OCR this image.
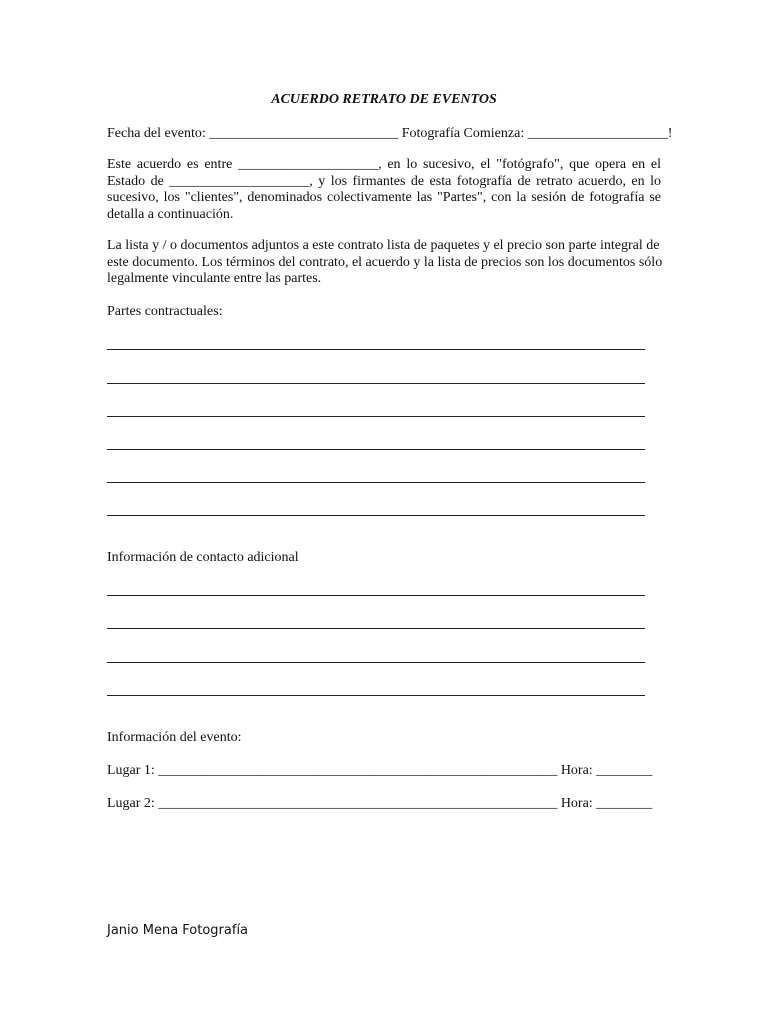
ACUERDO RETRATO DE EVENTOS

Fecha del evento: ___________________________ Fotografía Comienza: ____________________!

Este acuerdo es entre ____________________, en lo sucesivo, el "fotógrafo", que opera en el
Estado de ____________________, y los firmantes de esta fotografía de retrato acuerdo, en lo
sucesivo, los "clientes", denominados colectivamente las "Partes", con la sesión de fotografía se
detalla a continuación.
La lista y / o documentos adjuntos a este contrato lista de paquetes y el precio son parte integral de
este documento. Los términos del contrato, el acuerdo y la lista de precios son los documentos sólo
legalmente vinculante entre las partes.

Partes contractuales:

Información de contacto adicional

Información del evento:

Lugar 1: _________________________________________________________ Hora: ________

Lugar 2: _________________________________________________________ Hora: ________

Janio Mena Fotografía
